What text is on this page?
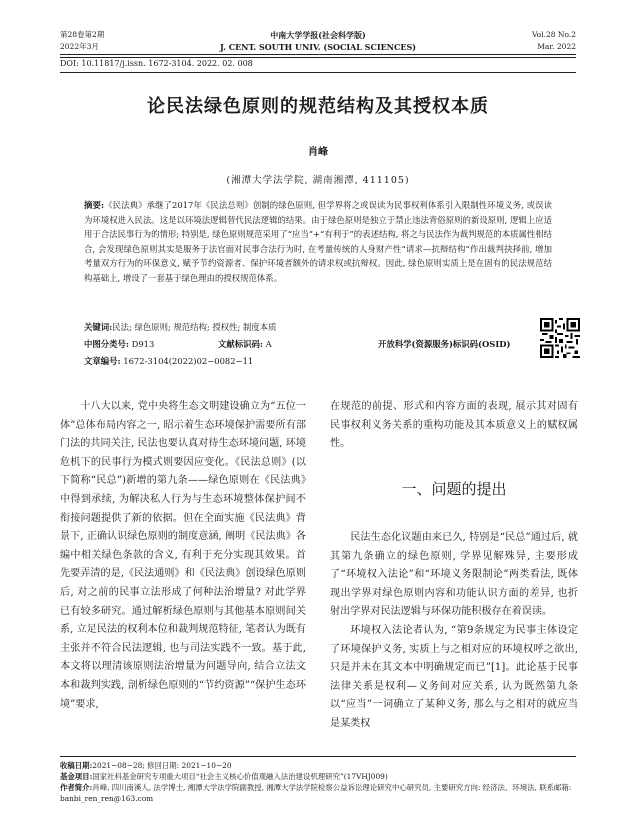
第28卷第2期
2022年3月
中南大学学报(社会科学版)
J. CENT. SOUTH UNIV. (SOCIAL SCIENCES)
Vol.28 No.2
Mar. 2022
DOI: 10.11817/j.issn. 1672-3104. 2022. 02. 008
论民法绿色原则的规范结构及其授权本质
肖峰
(湘潭大学法学院, 湖南湘潭, 411105)
摘要:《民法典》承继了2017年《民法总则》创制的绿色原则, 但学界将之或误读为民事权利体系引入限制性环境义务, 或误读为环境权进入民法。这是以环境法逻辑替代民法逻辑的结果。由于绿色原则是独立于禁止违法背俗原则的新设原则, 逻辑上应适用于合法民事行为的情形; 特别是, 绿色原则规范采用了“应当”+“有利于”的表述结构, 将之与民法作为裁判规范的本质属性相结合, 会发现绿色原则其实是服务于法官面对民事合法行为时, 在考量传统的人身财产性“请求—抗辩结构”作出裁判抉择前, 增加考量双方行为的环保意义, 赋予节约资源者、保护环境者额外的请求权或抗辩权。因此, 绿色原则实质上是在固有的民法规范结构基础上, 增设了一套基于绿色理由的授权规范体系。
关键词:民法; 绿色原则; 规范结构; 授权性; 制度本质
中图分类号: D913	文献标识码: A	开放科学(资源服务)标识码(OSID)
文章编号: 1672-3104(2022)02−0082−11

十八大以来, 党中央将生态文明建设确立为“五位一体”总体布局内容之一, 昭示着生态环境保护需要所有部门法的共同关注, 民法也要认真对待生态环境问题, 环境危机下的民事行为模式则要因应变化。《民法总则》(以下简称“民总”)新增的第九条——绿色原则在《民法典》中得到承续, 为解决私人行为与生态环境整体保护间不衔接问题提供了新的依据。但在全面实施《民法典》背景下, 正确认识绿色原则的制度意涵, 阐明《民法典》各编中相关绿色条款的含义, 有利于充分实现其效果。首先要弄清的是,《民法通则》和《民法典》创设绿色原则后, 对之前的民事立法形成了何种法治增量? 对此学界已有较多研究。通过解析绿色原则与其他基本原则间关系, 立足民法的权利本位和裁判规范特征, 笔者认为既有主张并不符合民法逻辑, 也与司法实践不一致。基于此, 本文将以理清该原则法治增量为问题导向, 结合立法文本和裁判实践, 剖析绿色原则的“节约资源”“保护生态环境”要求,

在规范的前提、形式和内容方面的表现, 展示其对固有民事权利义务关系的重构功能及其本质意义上的赋权属性。

一、问题的提出

民法生态化议题由来已久, 特别是“民总”通过后, 就其第九条确立的绿色原则, 学界见解殊异, 主要形成了“环境权入法论”和“环境义务限制论”两类看法, 既体现出学界对绿色原则内容和功能认识方面的差异, 也折射出学界对民法逻辑与环保功能积极存在着误读。

环境权入法论者认为, “第9条规定为民事主体设定了环境保护义务, 实质上与之相对应的环境权呼之欲出, 只是并未在其文本中明确规定而已”[1]。此论基于民事法律关系是权利—义务间对应关系, 认为既然第九条以“应当”一词确立了某种义务, 那么与之相对的就应当是某类权

收稿日期:2021−08−28; 修回日期: 2021−10−20
基金项目:国家社科基金研究专项重大项目“社会主义核心价值观融入法治建设机理研究”(17VHJ009)
作者简介:肖峰, 四川南溪人, 法学博士, 湘潭大学法学院副教授, 湘潭大学法学院检察公益诉讼理论研究中心研究员, 主要研究方向: 经济法、环境法, 联系邮箱: banbi_ren_ren@163.com
